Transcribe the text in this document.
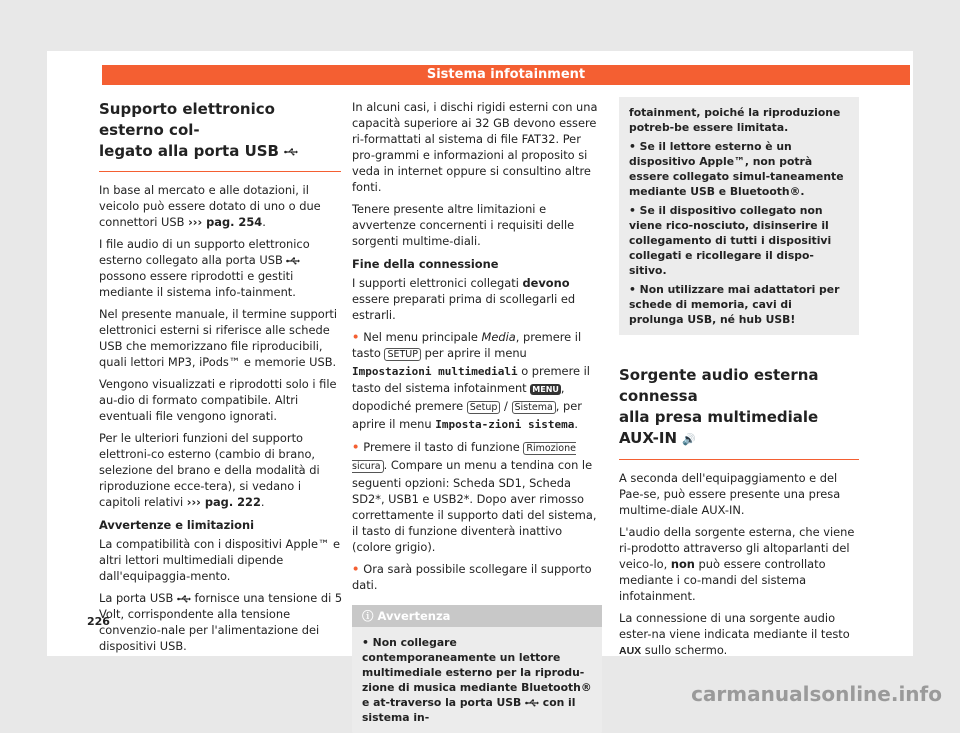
Sistema infotainment
Supporto elettronico esterno col-
legato alla porta USB

In base al mercato e alle dotazioni, il veicolo può essere dotato di uno o due connettori USB ››› pag. 254.

I file audio di un supporto elettronico esterno collegato alla porta USB  possono essere riprodotti e gestiti mediante il sistema info-tainment.

Nel presente manuale, il termine supporti elettronici esterni si riferisce alle schede USB che memorizzano file riproducibili, quali lettori MP3, iPods™ e memorie USB.

Vengono visualizzati e riprodotti solo i file au-dio di formato compatibile. Altri eventuali file vengono ignorati.

Per le ulteriori funzioni del supporto elettroni-co esterno (cambio di brano, selezione del brano e della modalità di riproduzione ecce-tera), si vedano i capitoli relativi ››› pag. 222.

Avvertenze e limitazioni

La compatibilità con i dispositivi Apple™ e altri lettori multimediali dipende dall'equipaggia-mento.

La porta USB fornisce una tensione di 5 Volt, corrispondente alla tensione convenzio-nale per l'alimentazione dei dispositivi USB.

In alcuni casi, i dischi rigidi esterni con una capacità superiore ai 32 GB devono essere ri-formattati al sistema di file FAT32. Per pro-grammi e informazioni al proposito si veda in internet oppure si consultino altre fonti.

Tenere presente altre limitazioni e avvertenze concernenti i requisiti delle sorgenti multime-diali.

Fine della connessione

I supporti elettronici collegati devono essere preparati prima di scollegarli ed estrarli.

• Nel menu principale Media, premere il tasto SETUP per aprire il menu Impostazioni multimediali o premere il tasto del sistema infotainment MENU , dopodiché premere Setup / Sistema , per aprire il menu Imposta-zioni sistema.

• Premere il tasto di funzione Rimozione sicura . Compare un menu a tendina con le seguenti opzioni: Scheda SD1, Scheda SD2*, USB1 e USB2*. Dopo aver rimosso correttamente il supporto dati del sistema, il tasto di funzione diventerà inattivo (colore grigio).

• Ora sarà possibile scollegare il supporto dati.

ⓘ Avvertenza
• Non collegare contemporaneamente un lettore multimediale esterno per la riprodu-zione di musica mediante Bluetooth® e at-traverso la porta USB con il sistema in-
fotainment, poiché la riproduzione potreb-be essere limitata.
• Se il lettore esterno è un dispositivo Apple™, non potrà essere collegato simul-taneamente mediante USB e Bluetooth®.
• Se il dispositivo collegato non viene rico-nosciuto, disinserire il collegamento di tutti i dispositivi collegati e ricollegare il dispo-sitivo.
• Non utilizzare mai adattatori per schede di memoria, cavi di prolunga USB, né hub USB!
Sorgente audio esterna connessa
alla presa multimediale AUX-IN 🔊

A seconda dell'equipaggiamento e del Pae-se, può essere presente una presa multime-diale AUX-IN.

L'audio della sorgente esterna, che viene ri-prodotto attraverso gli altoparlanti del veico-lo, non può essere controllato mediante i co-mandi del sistema infotainment.

La connessione di una sorgente audio ester-na viene indicata mediante il testo AUX sullo schermo.

226
carmanualsonline.info
